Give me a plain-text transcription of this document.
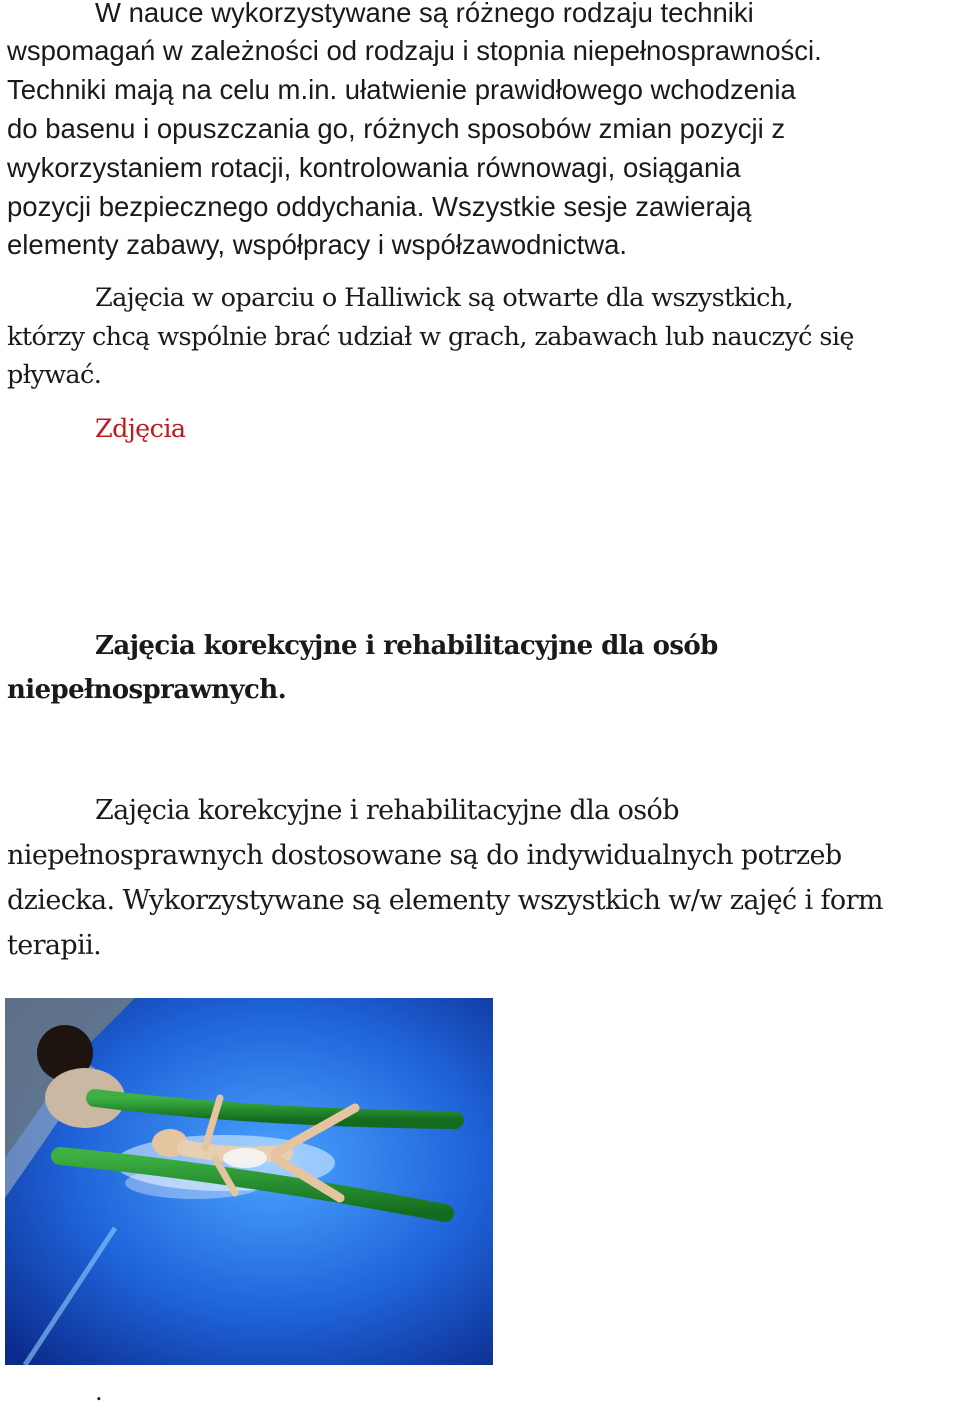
W nauce wykorzystywane są różnego rodzaju techniki
wspomagań w zależności od rodzaju i stopnia niepełnosprawności.
Techniki mają na celu m.in. ułatwienie prawidłowego wchodzenia
do basenu i opuszczania go, różnych sposobów zmian pozycji z
wykorzystaniem rotacji, kontrolowania równowagi, osiągania
pozycji bezpiecznego oddychania. Wszystkie sesje zawierają
elementy zabawy, współpracy i współzawodnictwa.
Zajęcia w oparciu o Halliwick są otwarte dla wszystkich,
którzy chcą wspólnie brać udział w grach, zabawach lub nauczyć się
pływać.
Zdjęcia
Zajęcia korekcyjne i rehabilitacyjne dla osób
niepełnosprawnych.
Zajęcia korekcyjne i rehabilitacyjne dla osób
niepełnosprawnych dostosowane są do indywidualnych potrzeb
dziecka. Wykorzystywane są elementy wszystkich w/w zajęć i form
terapii.
.
